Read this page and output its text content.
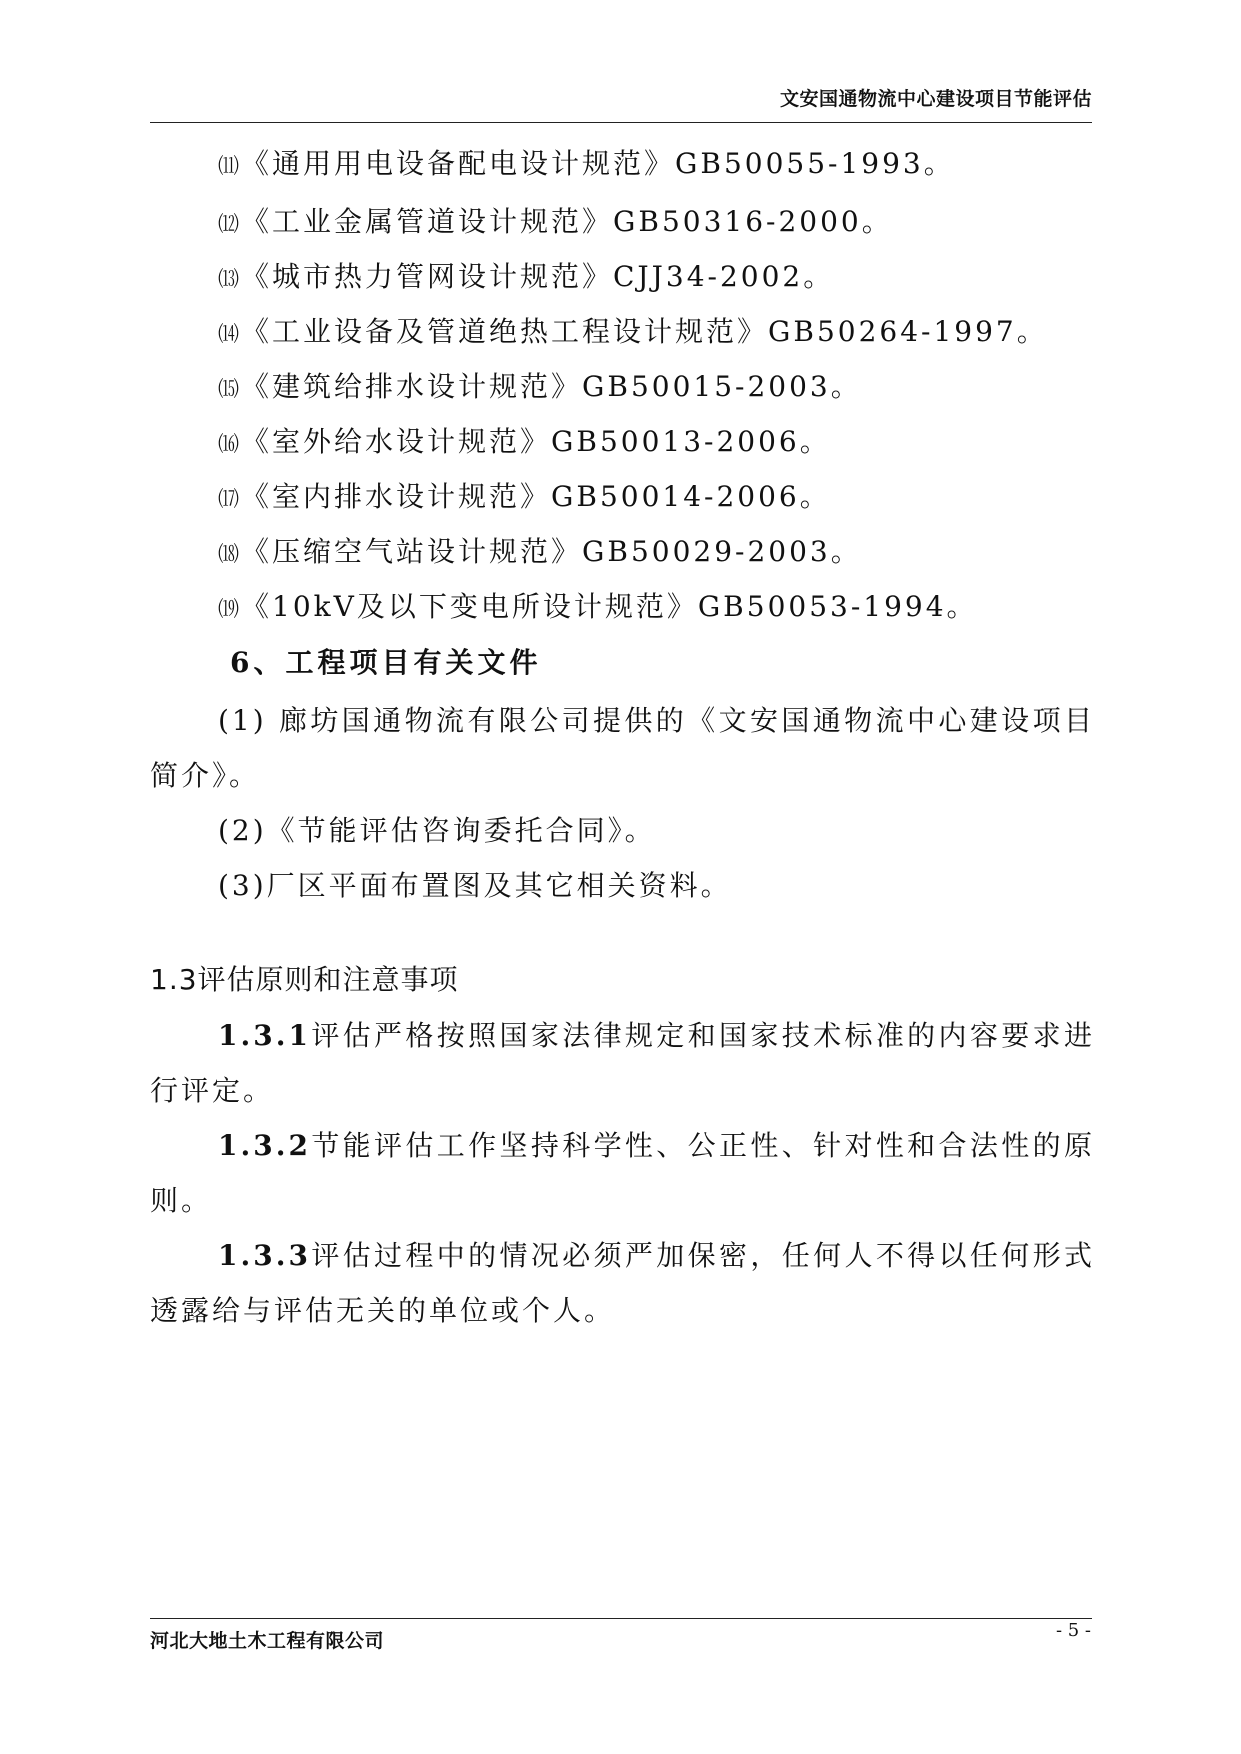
文安国通物流中心建设项目节能评估
⑾《通用用电设备配电设计规范》GB50055-1993。
⑿《工业金属管道设计规范》GB50316-2000。
⒀《城市热力管网设计规范》CJJ34-2002。
⒁《工业设备及管道绝热工程设计规范》GB50264-1997。
⒂《建筑给排水设计规范》GB50015-2003。
⒃《室外给水设计规范》GB50013-2006。
⒄《室内排水设计规范》GB50014-2006。
⒅《压缩空气站设计规范》GB50029-2003。
⒆《10kV及以下变电所设计规范》GB50053-1994。
6、工程项目有关文件
(1) 廊坊国通物流有限公司提供的《文安国通物流中心建设项目
简介》。
(2)《节能评估咨询委托合同》。
(3)厂区平面布置图及其它相关资料。
1.3评估原则和注意事项
1.3.1评估严格按照国家法律规定和国家技术标准的内容要求进
行评定。
1.3.2节能评估工作坚持科学性、公正性、针对性和合法性的原
则。
1.3.3评估过程中的情况必须严加保密，任何人不得以任何形式
透露给与评估无关的单位或个人。
河北大地土木工程有限公司	- 5 -
